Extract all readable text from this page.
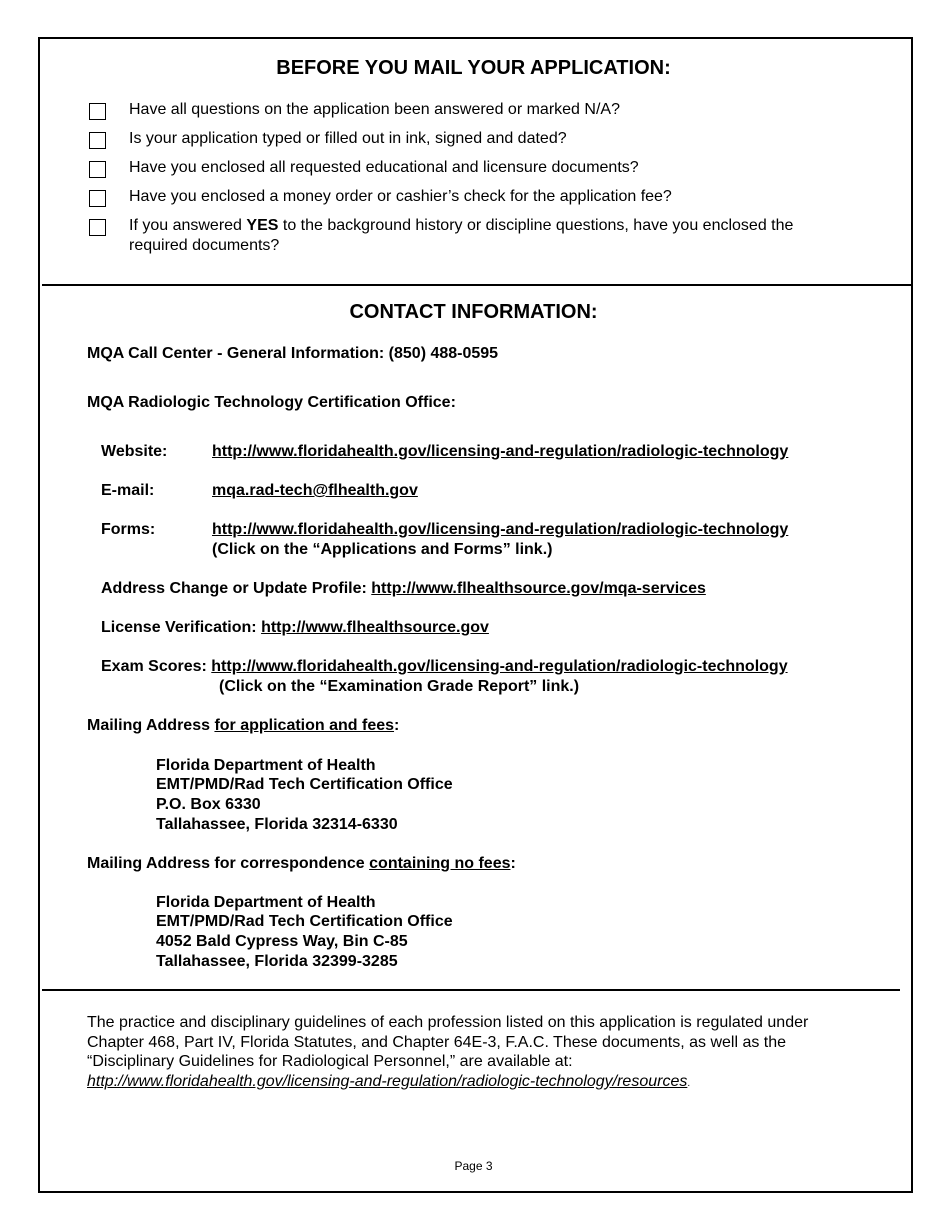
BEFORE YOU MAIL YOUR APPLICATION:
Have all questions on the application been answered or marked N/A?
Is your application typed or filled out in ink, signed and dated?
Have you enclosed all requested educational and licensure documents?
Have you enclosed a money order or cashier’s check for the application fee?
If you answered YES to the background history or discipline questions, have you enclosed the
required documents?
CONTACT INFORMATION:
MQA Call Center - General Information: (850) 488-0595
MQA Radiologic Technology Certification Office:
Website:	http://www.floridahealth.gov/licensing-and-regulation/radiologic-technology
E-mail:	mqa.rad-tech@flhealth.gov
Forms:	http://www.floridahealth.gov/licensing-and-regulation/radiologic-technology
(Click on the “Applications and Forms” link.)
Address Change or Update Profile: http://www.flhealthsource.gov/mqa-services
License Verification: http://www.flhealthsource.gov
Exam Scores: http://www.floridahealth.gov/licensing-and-regulation/radiologic-technology
(Click on the “Examination Grade Report” link.)
Mailing Address for application and fees:
Florida Department of Health
EMT/PMD/Rad Tech Certification Office
P.O. Box 6330
Tallahassee, Florida 32314-6330
Mailing Address for correspondence containing no fees:
Florida Department of Health
EMT/PMD/Rad Tech Certification Office
4052 Bald Cypress Way, Bin C-85
Tallahassee, Florida 32399-3285
The practice and disciplinary guidelines of each profession listed on this application is regulated under
Chapter 468, Part IV, Florida Statutes, and Chapter 64E-3, F.A.C. These documents, as well as the
“Disciplinary Guidelines for Radiological Personnel,” are available at:
http://www.floridahealth.gov/licensing-and-regulation/radiologic-technology/resources.
Page 3
